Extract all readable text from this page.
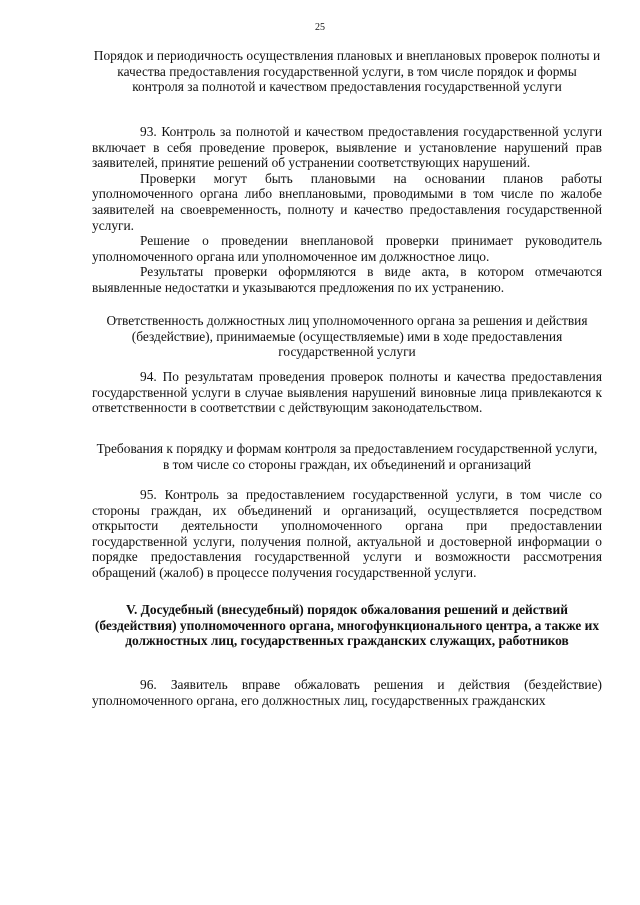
25

Порядок и периодичность осуществления плановых и внеплановых проверок полноты и качества предоставления государственной услуги, в том числе порядок и формы контроля за полнотой и качеством предоставления государственной услуги

93. Контроль за полнотой и качеством предоставления государственной услуги включает в себя проведение проверок, выявление и установление нарушений прав заявителей, принятие решений об устранении соответствующих нарушений.

Проверки могут быть плановыми на основании планов работы уполномоченного органа либо внеплановыми, проводимыми в том числе по жалобе заявителей на своевременность, полноту и качество предоставления государственной услуги.

Решение о проведении внеплановой проверки принимает руководитель уполномоченного органа или уполномоченное им должностное лицо.

Результаты проверки оформляются в виде акта, в котором отмечаются выявленные недостатки и указываются предложения по их устранению.

Ответственность должностных лиц уполномоченного органа за решения и действия (бездействие), принимаемые (осуществляемые) ими в ходе предоставления государственной услуги

94. По результатам проведения проверок полноты и качества предоставления государственной услуги в случае выявления нарушений виновные лица привлекаются к ответственности в соответствии с действующим законодательством.

Требования к порядку и формам контроля за предоставлением государственной услуги, в том числе со стороны граждан, их объединений и организаций

95. Контроль за предоставлением государственной услуги, в том числе со стороны граждан, их объединений и организаций, осуществляется посредством открытости деятельности уполномоченного органа при предоставлении государственной услуги, получения полной, актуальной и достоверной информации о порядке предоставления государственной услуги и возможности рассмотрения обращений (жалоб) в процессе получения государственной услуги.

V. Досудебный (внесудебный) порядок обжалования решений и действий (бездействия) уполномоченного органа, многофункционального центра, а также их должностных лиц, государственных гражданских служащих, работников

96. Заявитель вправе обжаловать решения и действия (бездействие) уполномоченного органа, его должностных лиц, государственных гражданских
